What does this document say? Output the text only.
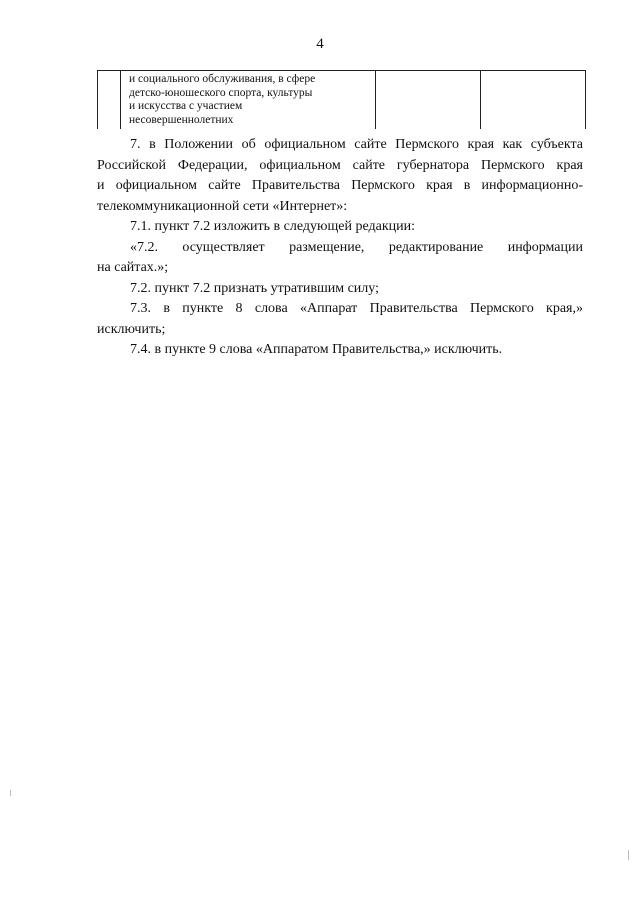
4

и социального обслуживания, в сфере
детско-юношеского спорта, культуры
и искусства с участием
несовершеннолетних

7. в Положении об официальном сайте Пермского края как субъекта
Российской Федерации, официальном сайте губернатора Пермского края
и официальном сайте Правительства Пермского края в информационно-
телекоммуникационной сети «Интернет»:

7.1. пункт 7.2 изложить в следующей редакции:

«7.2. осуществляет размещение, редактирование информации
на сайтах.»;

7.2. пункт 7.2 признать утратившим силу;

7.3. в пункте 8 слова «Аппарат Правительства Пермского края,»
исключить;

7.4. в пункте 9 слова «Аппаратом Правительства,» исключить.
